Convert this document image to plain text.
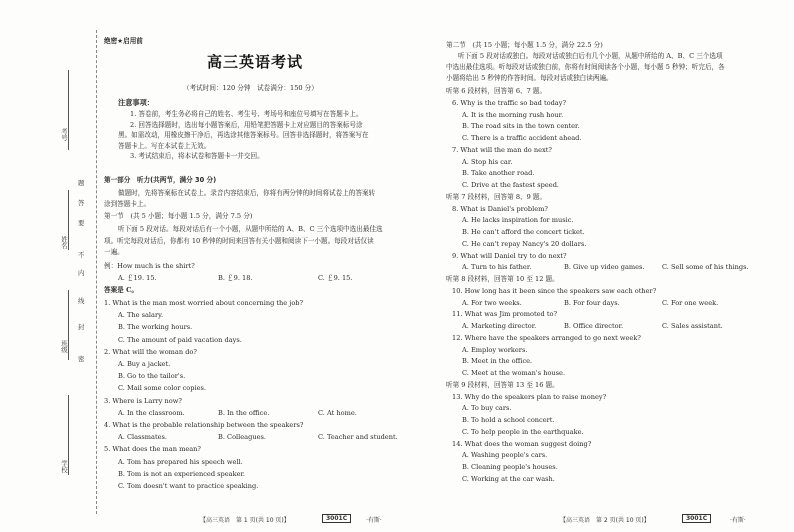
考号
姓名
班级
学校
题
答
要
不
内
线
封
密
绝密★启用前
高三英语考试
（考试时间：120 分钟　试卷满分：150 分）
注意事项：
1. 答卷前，考生务必将自己的姓名、考生号、考场号和座位号填写在答题卡上。
2. 回答选择题时，选出每小题答案后，用铅笔把答题卡上对应题目的答案标号涂
黑。如需改动，用橡皮擦干净后，再选涂其他答案标号。回答非选择题时，将答案写在
答题卡上。写在本试卷上无效。
3. 考试结束后，将本试卷和答题卡一并交回。
第一部分　听力(共两节，满分 30 分)
做题时，先将答案标在试卷上。录音内容结束后，你将有两分钟的时间将试卷上的答案转
涂到答题卡上。
第一节　(共 5 小题；每小题 1.5 分，满分 7.5 分)
听下面 5 段对话。每段对话后有一个小题，从题中所给的 A、B、C 三个选项中选出最佳选
项。听完每段对话后，你都有 10 秒钟的时间来回答有关小题和阅读下一小题。每段对话仅读
一遍。
例：How much is the shirt?
A. ￡19. 15.	B. ￡9. 18.	C. ￡9. 15.
答案是 C。
1. What is the man most worried about concerning the job?
A. The salary.
B. The working hours.
C. The amount of paid vacation days.
2. What will the woman do?
A. Buy a jacket.
B. Go to the tailor's.
C. Mail some color copies.
3. Where is Larry now?
A. In the classroom.	B. In the office.	C. At home.
4. What is the probable relationship between the speakers?
A. Classmates.	B. Colleagues.	C. Teacher and student.
5. What does the man mean?
A. Tom has prepared his speech well.
B. Tom is not an experienced speaker.
C. Tom doesn't want to practice speaking.
第二节　(共 15 小题；每小题 1.5 分，满分 22.5 分)
听下面 5 段对话或独白。每段对话或独白后有几个小题，从题中所给的 A、B、C 三个选项
中选出最佳选项。听每段对话或独白前，你将有时间阅读各个小题，每小题 5 秒钟；听完后，各
小题将给出 5 秒钟的作答时间。每段对话或独白读两遍。
听第 6 段材料，回答第 6、7 题。
6. Why is the traffic so bad today?
A. It is the morning rush hour.
B. The road sits in the town center.
C. There is a traffic accident ahead.
7. What will the man do next?
A. Stop his car.
B. Take another road.
C. Drive at the fastest speed.
听第 7 段材料，回答第 8、9 题。
8. What is Daniel's problem?
A. He lacks inspiration for music.
B. He can't afford the concert ticket.
C. He can't repay Nancy's 20 dollars.
9. What will Daniel try to do next?
A. Turn to his father.	B. Give up video games.	C. Sell some of his things.
听第 8 段材料，回答第 10 至 12 题。
10. How long has it been since the speakers saw each other?
A. For two weeks.	B. For four days.	C. For one week.
11. What was Jim promoted to?
A. Marketing director.	B. Office director.	C. Sales assistant.
12. Where have the speakers arranged to go next week?
A. Employ workers.
B. Meet in the office.
C. Meet at the woman's house.
听第 9 段材料，回答第 13 至 16 题。
13. Why do the speakers plan to raise money?
A. To buy cars.
B. To hold a school concert.
C. To help people in the earthquake.
14. What does the woman suggest doing?
A. Washing people's cars.
B. Cleaning people's houses.
C. Working at the car wash.
【高三英语　第 1 页(共 10 页)】	3001C	·有斯·	【高三英语　第 2 页(共 10 页)】	3001C	·有斯·
